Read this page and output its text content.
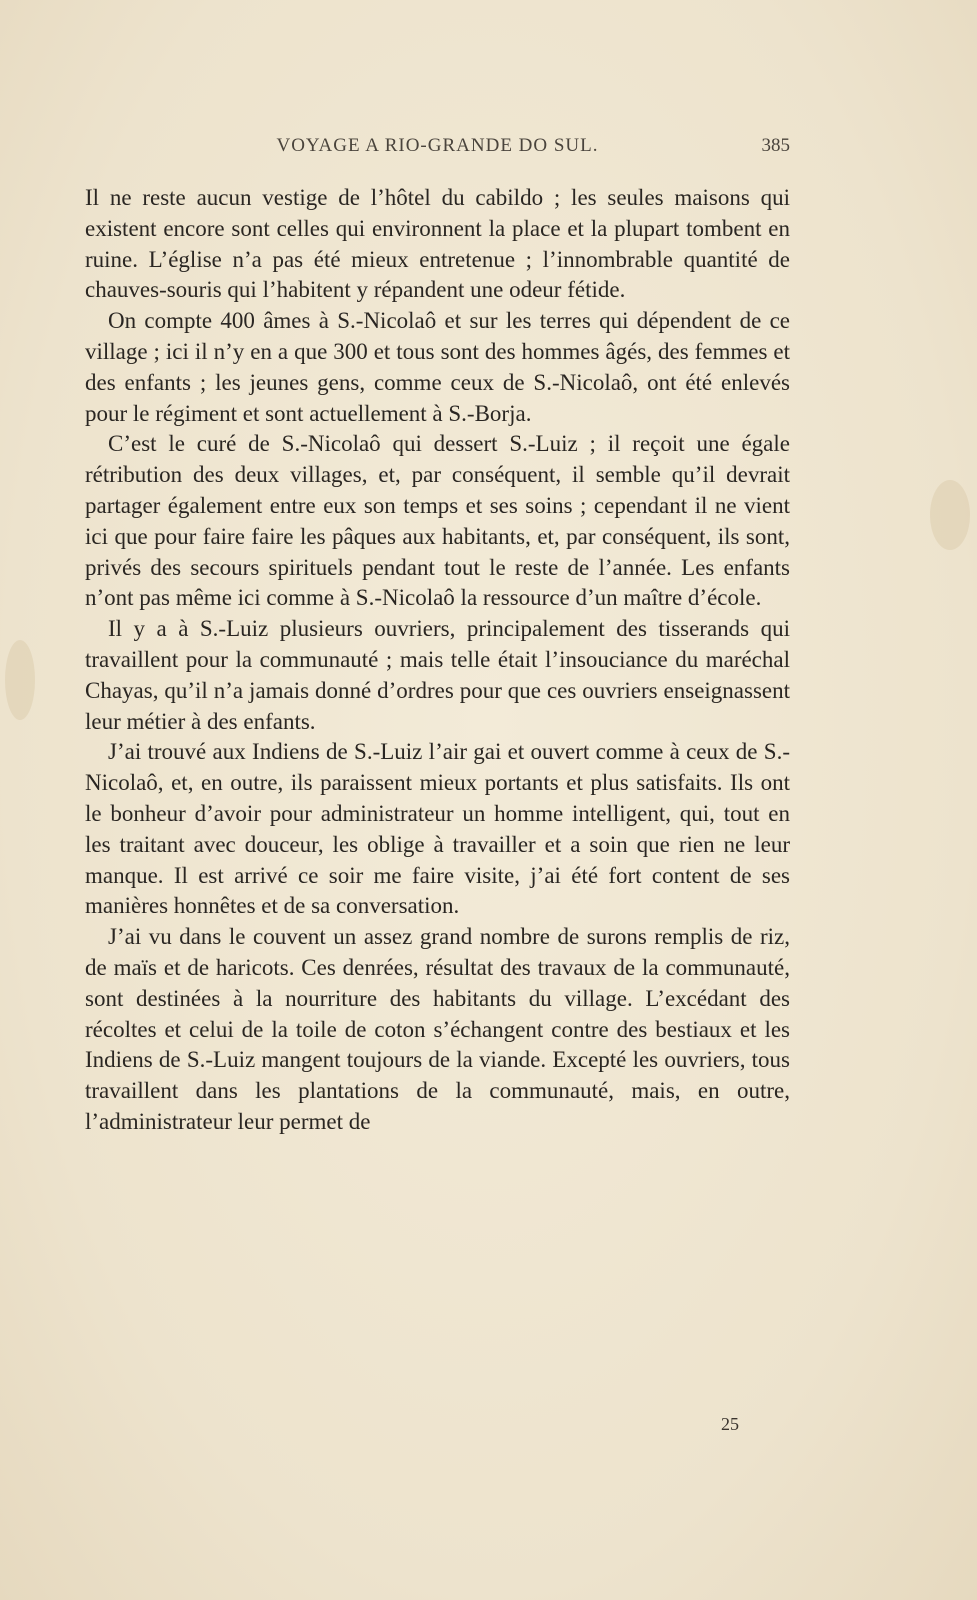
VOYAGE A RIO-GRANDE DO SUL.	385

Il ne reste aucun vestige de l’hôtel du cabildo ; les seules maisons qui existent encore sont celles qui environnent la place et la plupart tombent en ruine. L’église n’a pas été mieux entretenue ; l’innombrable quantité de chauves-souris qui l’habitent y répandent une odeur fétide.

On compte 400 âmes à S.-Nicolaô et sur les terres qui dépendent de ce village ; ici il n’y en a que 300 et tous sont des hommes âgés, des femmes et des enfants ; les jeunes gens, comme ceux de S.-Nicolaô, ont été enlevés pour le régiment et sont actuellement à S.-Borja.

C’est le curé de S.-Nicolaô qui dessert S.-Luiz ; il reçoit une égale rétribution des deux villages, et, par conséquent, il semble qu’il devrait partager également entre eux son temps et ses soins ; cependant il ne vient ici que pour faire faire les pâques aux habitants, et, par conséquent, ils sont, privés des secours spirituels pendant tout le reste de l’année. Les enfants n’ont pas même ici comme à S.-Nicolaô la ressource d’un maître d’école.

Il y a à S.-Luiz plusieurs ouvriers, principalement des tisserands qui travaillent pour la communauté ; mais telle était l’insouciance du maréchal Chayas, qu’il n’a jamais donné d’ordres pour que ces ouvriers enseignassent leur métier à des enfants.

J’ai trouvé aux Indiens de S.-Luiz l’air gai et ouvert comme à ceux de S.-Nicolaô, et, en outre, ils paraissent mieux portants et plus satisfaits. Ils ont le bonheur d’avoir pour administrateur un homme intelligent, qui, tout en les traitant avec douceur, les oblige à travailler et a soin que rien ne leur manque. Il est arrivé ce soir me faire visite, j’ai été fort content de ses manières honnêtes et de sa conversation.

J’ai vu dans le couvent un assez grand nombre de surons remplis de riz, de maïs et de haricots. Ces denrées, résultat des travaux de la communauté, sont destinées à la nourriture des habitants du village. L’excédant des récoltes et celui de la toile de coton s’échangent contre des bestiaux et les Indiens de S.-Luiz mangent toujours de la viande. Excepté les ouvriers, tous travaillent dans les plantations de la communauté, mais, en outre, l’administrateur leur permet de

25
